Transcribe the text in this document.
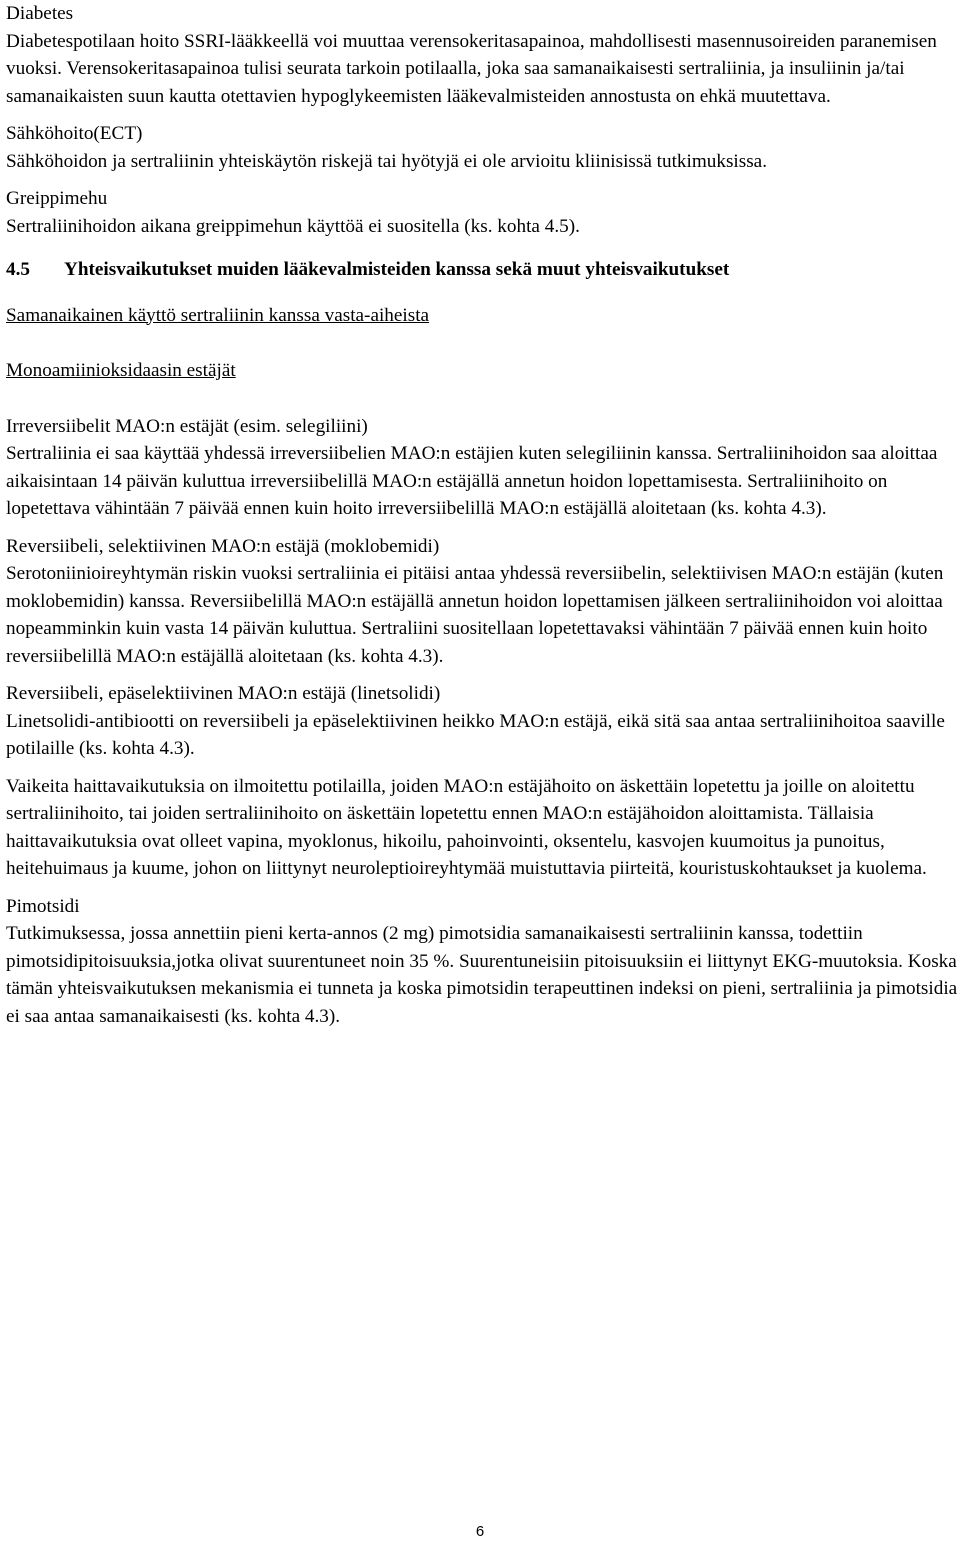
Diabetes

Diabetespotilaan hoito SSRI-lääkkeellä voi muuttaa verensokeritasapainoa, mahdollisesti masennusoireiden paranemisen vuoksi. Verensokeritasapainoa tulisi seurata tarkoin potilaalla, joka saa samanaikaisesti sertraliinia, ja insuliinin ja/tai samanaikaisten suun kautta otettavien hypoglykeemisten lääkevalmisteiden annostusta on ehkä muutettava.

Sähköhoito(ECT)

Sähköhoidon ja sertraliinin yhteiskäytön riskejä tai hyötyjä ei ole arvioitu kliinisissä tutkimuksissa.

Greippimehu

Sertraliinihoidon aikana greippimehun käyttöä ei suositella (ks. kohta 4.5).

4.5 Yhteisvaikutukset muiden lääkevalmisteiden kanssa sekä muut yhteisvaikutukset

Samanaikainen käyttö sertraliinin kanssa vasta-aiheista

Monoamiinioksidaasin estäjät

Irreversiibelit MAO:n estäjät (esim. selegiliini)

Sertraliinia ei saa käyttää yhdessä irreversiibelien MAO:n estäjien kuten selegiliinin kanssa. Sertraliinihoidon saa aloittaa aikaisintaan 14 päivän kuluttua irreversiibelillä MAO:n estäjällä annetun hoidon lopettamisesta. Sertraliinihoito on lopetettava vähintään 7 päivää ennen kuin hoito irreversiibelillä MAO:n estäjällä aloitetaan (ks. kohta 4.3).

Reversiibeli, selektiivinen MAO:n estäjä (moklobemidi)

Serotoniinioireyhtymän riskin vuoksi sertraliinia ei pitäisi antaa yhdessä reversiibelin, selektiivisen MAO:n estäjän (kuten moklobemidin) kanssa. Reversiibelillä MAO:n estäjällä annetun hoidon lopettamisen jälkeen sertraliinihoidon voi aloittaa nopeamminkin kuin vasta 14 päivän kuluttua. Sertraliini suositellaan lopetettavaksi vähintään 7 päivää ennen kuin hoito reversiibelillä MAO:n estäjällä aloitetaan (ks. kohta 4.3).

Reversiibeli, epäselektiivinen MAO:n estäjä (linetsolidi)

Linetsolidi-antibiootti on reversiibeli ja epäselektiivinen heikko MAO:n estäjä, eikä sitä saa antaa sertraliinihoitoa saaville potilaille (ks. kohta 4.3).

Vaikeita haittavaikutuksia on ilmoitettu potilailla, joiden MAO:n estäjähoito on äskettäin lopetettu ja joille on aloitettu sertraliinihoito, tai joiden sertraliinihoito on äskettäin lopetettu ennen MAO:n estäjähoidon aloittamista. Tällaisia haittavaikutuksia ovat olleet vapina, myoklonus, hikoilu, pahoinvointi, oksentelu, kasvojen kuumoitus ja punoitus, heitehuimaus ja kuume, johon on liittynyt neuroleptioireyhtymää muistuttavia piirteitä, kouristuskohtaukset ja kuolema.

Pimotsidi

Tutkimuksessa, jossa annettiin pieni kerta-annos (2 mg) pimotsidia samanaikaisesti sertraliinin kanssa, todettiin pimotsidipitoisuuksia,jotka olivat suurentuneet noin 35 %. Suurentuneisiin pitoisuuksiin ei liittynyt EKG-muutoksia. Koska tämän yhteisvaikutuksen mekanismia ei tunneta ja koska pimotsidin terapeuttinen indeksi on pieni, sertraliinia ja pimotsidia ei saa antaa samanaikaisesti (ks. kohta 4.3).

6
